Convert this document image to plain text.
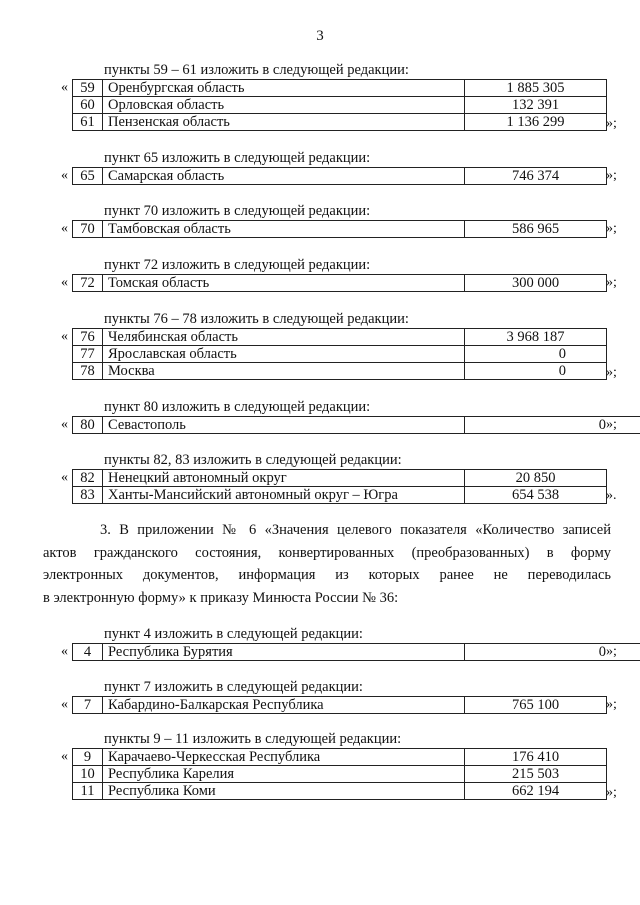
3
пункты 59 – 61 изложить в следующей редакции:
« 59	Оренбургская область	1 885 305
60	Орловская область	132 391
61	Пензенская область	1 136 299	»;
пункт 65 изложить в следующей редакции:
« 65	Самарская область	746 374	»;
пункт 70 изложить в следующей редакции:
« 70	Тамбовская область	586 965	»;
пункт 72 изложить в следующей редакции:
« 72	Томская область	300 000	»;
пункты 76 – 78 изложить в следующей редакции:
« 76	Челябинская область	3 968 187
77	Ярославская область	0
78	Москва	0	»;
пункт 80 изложить в следующей редакции:
« 80	Севастополь	0 »;
пункты 82, 83 изложить в следующей редакции:
« 82	Ненецкий автономный округ	20 850
83	Ханты-Мансийский автономный округ – Югра	654 538	».
3. В приложении № 6 «Значения целевого показателя «Количество записей
актов гражданского состояния, конвертированных (преобразованных) в форму
электронных документов, информация из которых ранее не переводилась
в электронную форму» к приказу Минюста России № 36:
пункт 4 изложить в следующей редакции:
« 4	Республика Бурятия	0 »;
пункт 7 изложить в следующей редакции:
« 7	Кабардино-Балкарская Республика	765 100	»;
пункты 9 – 11 изложить в следующей редакции:
« 9	Карачаево-Черкесская Республика	176 410
10	Республика Карелия	215 503
11	Республика Коми	662 194	»;
